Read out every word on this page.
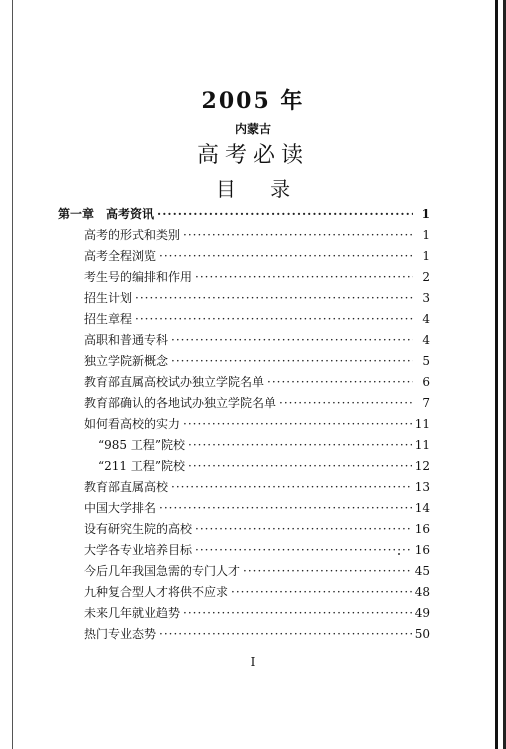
2005 年
内蒙古
高考必读
目 录
第一章 高考资讯 ·····	1
高考的形式和类别 ·····	1
高考全程浏览 ·····	1
考生号的编排和作用 ·····	2
招生计划 ·····	3
招生章程 ·····	4
高职和普通专科 ·····	4
独立学院新概念 ·····	5
教育部直属高校试办独立学院名单 ·····	6
教育部确认的各地试办独立学院名单 ·····	7
如何看高校的实力 ·····	11
“985 工程”院校 ·····	11
“211 工程”院校 ·····	12
教育部直属高校 ·····	13
中国大学排名 ·····	14
设有研究生院的高校 ·····	16
大学各专业培养目标 ·····	16
今后几年我国急需的专门人才 ·····	45
九种复合型人才将供不应求 ·····	48
未来几年就业趋势 ·····	49
热门专业态势 ·····	50
I
